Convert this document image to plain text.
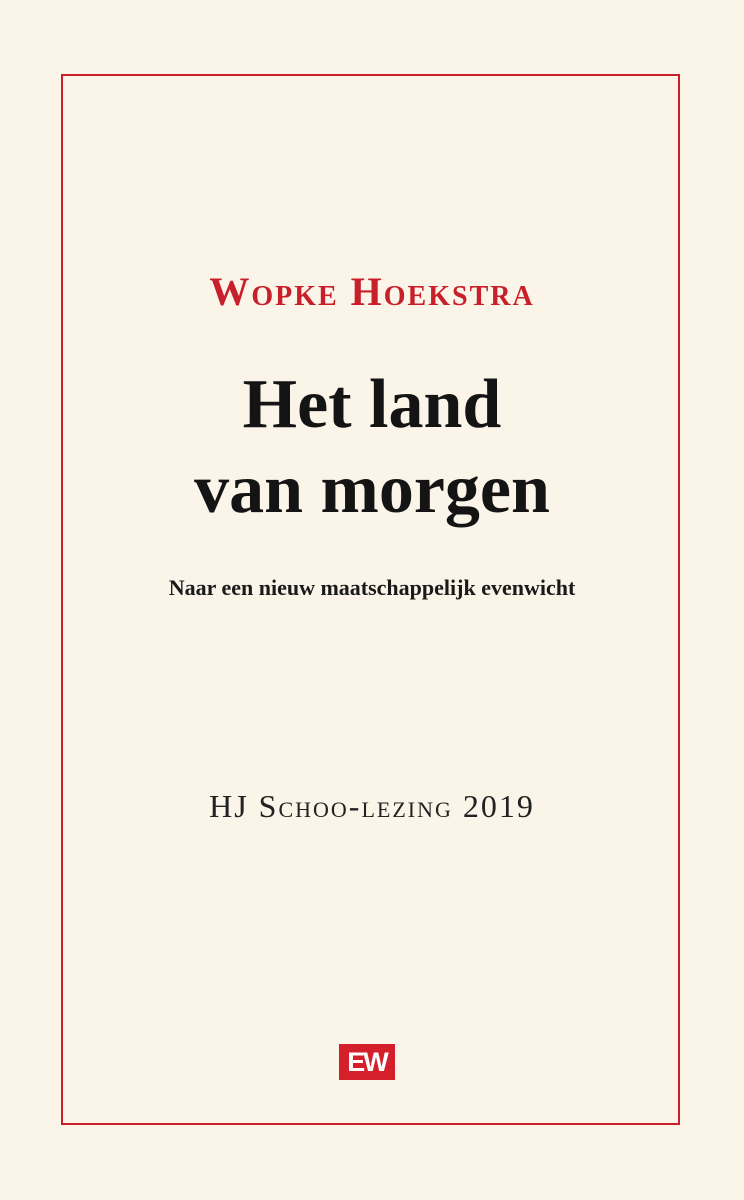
Wopke Hoekstra
Het land
van morgen
Naar een nieuw maatschappelijk evenwicht
HJ Schoo-lezing 2019
EW
